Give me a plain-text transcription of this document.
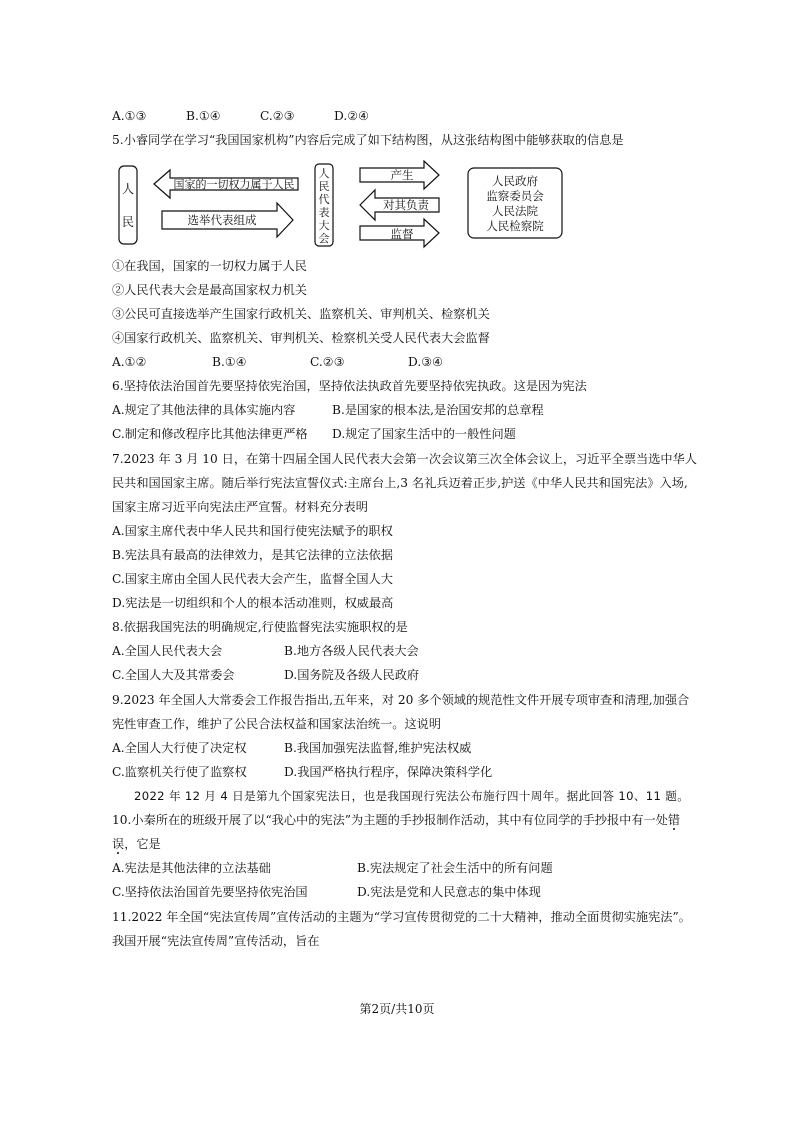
A.①③	B.①④	C.②③	D.②④
5.小睿同学在学习“我国国家机构”内容后完成了如下结构图，从这张结构图中能够获取的信息是
人
民
国家的一切权力属于人民
选举代表组成
人
民
代
表
大
会
产生
对其负责
监督
人民政府
监察委员会
人民法院
人民检察院
①在我国，国家的一切权力属于人民
②人民代表大会是最高国家权力机关
③公民可直接选举产生国家行政机关、监察机关、审判机关、检察机关
④国家行政机关、监察机关、审判机关、检察机关受人民代表大会监督
A.①②	B.①④	C.②③	D.③④
6.坚持依法治国首先要坚持依宪治国，坚持依法执政首先要坚持依宪执政。这是因为宪法
A.规定了其他法律的具体实施内容	B.是国家的根本法,是治国安邦的总章程
C.制定和修改程序比其他法律更严格 D.规定了国家生活中的一般性问题
7.2023 年 3 月 10 日，在第十四届全国人民代表大会第一次会议第三次全体会议上，习近平全票当选中华人
民共和国国家主席。随后举行宪法宣誓仪式:主席台上,3 名礼兵迈着正步,护送《中华人民共和国宪法》入场,
国家主席习近平向宪法庄严宣誓。材料充分表明
A.国家主席代表中华人民共和国行使宪法赋予的职权
B.宪法具有最高的法律效力，是其它法律的立法依据
C.国家主席由全国人民代表大会产生，监督全国人大
D.宪法是一切组织和个人的根本活动准则，权威最高
8.依据我国宪法的明确规定,行使监督宪法实施职权的是
A.全国人民代表大会	B.地方各级人民代表大会
C.全国人大及其常委会	D.国务院及各级人民政府
9.2023 年全国人大常委会工作报告指出,五年来，对 20 多个领域的规范性文件开展专项审查和清理,加强合
宪性审查工作，维护了公民合法权益和国家法治统一。这说明
A.全国人大行使了决定权	B.我国加强宪法监督,维护宪法权威
C.监察机关行使了监察权	D.我国严格执行程序，保障决策科学化
2022 年 12 月 4 日是第九个国家宪法日，也是我国现行宪法公布施行四十周年。据此回答 10、11 题。
10.小秦所在的班级开展了以“我心中的宪法”为主题的手抄报制作活动，其中有位同学的手抄报中有一处错
误，它是
A.宪法是其他法律的立法基础	B.宪法规定了社会生活中的所有问题
C.坚持依法治国首先要坚持依宪治国	D.宪法是党和人民意志的集中体现
11.2022 年全国“宪法宣传周”宣传活动的主题为“学习宣传贯彻党的二十大精神，推动全面贯彻实施宪法”。
我国开展“宪法宣传周”宣传活动，旨在
第2页/共10页
